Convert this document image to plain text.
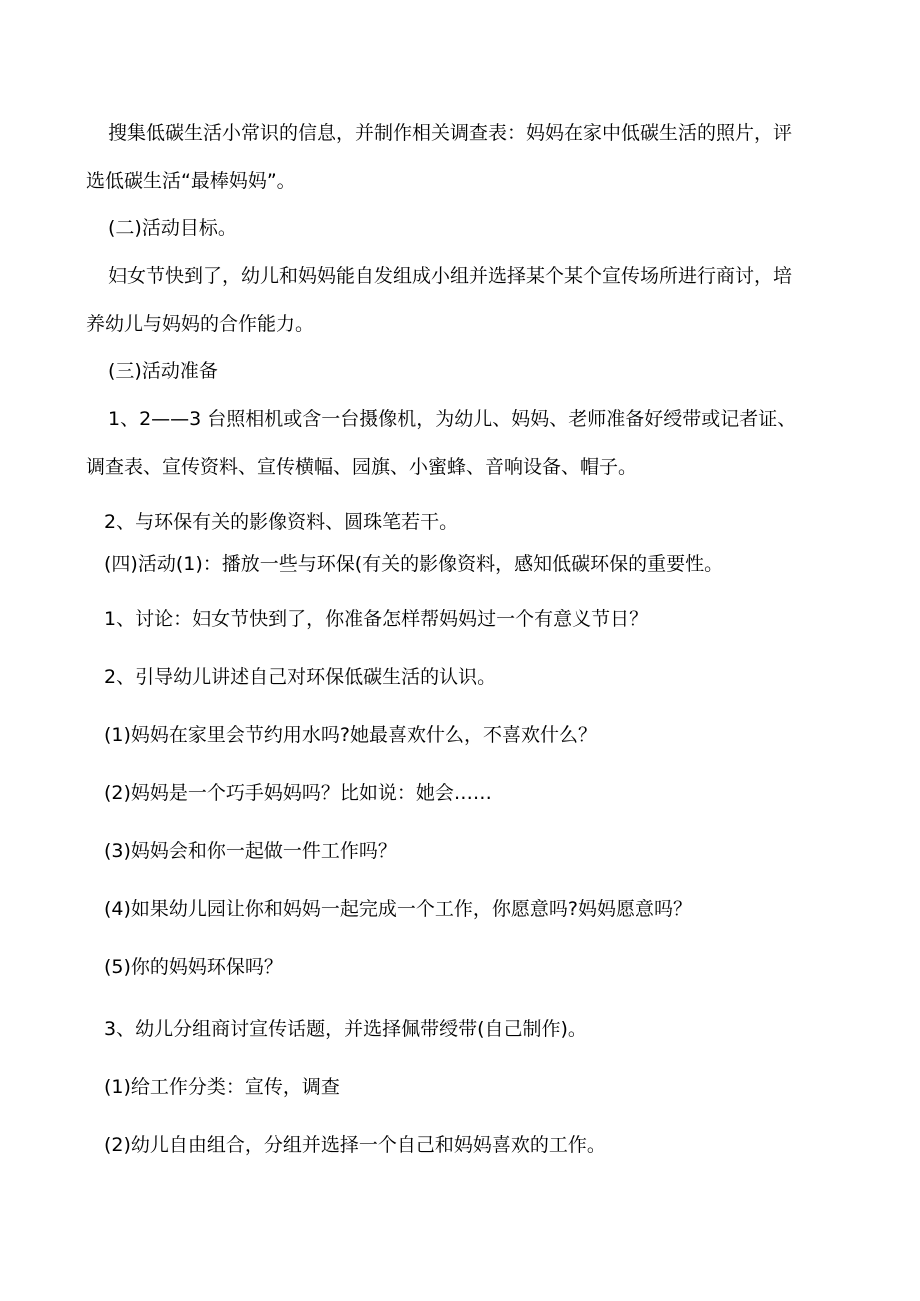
搜集低碳生活小常识的信息，并制作相关调查表：妈妈在家中低碳生活的照片，评
选低碳生活“最棒妈妈”。
(二)活动目标。
妇女节快到了，幼儿和妈妈能自发组成小组并选择某个某个宣传场所进行商讨，培
养幼儿与妈妈的合作能力。
(三)活动准备
1、2——3 台照相机或含一台摄像机，为幼儿、妈妈、老师准备好绶带或记者证、
调查表、宣传资料、宣传横幅、园旗、小蜜蜂、音响设备、帽子。
2、与环保有关的影像资料、圆珠笔若干。
(四)活动(1)：播放一些与环保(有关的影像资料，感知低碳环保的重要性。
1、讨论：妇女节快到了，你准备怎样帮妈妈过一个有意义节日？
2、引导幼儿讲述自己对环保低碳生活的认识。
(1)妈妈在家里会节约用水吗?她最喜欢什么，不喜欢什么？
(2)妈妈是一个巧手妈妈吗？比如说：她会……
(3)妈妈会和你一起做一件工作吗？
(4)如果幼儿园让你和妈妈一起完成一个工作，你愿意吗?妈妈愿意吗？
(5)你的妈妈环保吗？
3、幼儿分组商讨宣传话题，并选择佩带绶带(自己制作)。
(1)给工作分类：宣传，调查
(2)幼儿自由组合，分组并选择一个自己和妈妈喜欢的工作。
